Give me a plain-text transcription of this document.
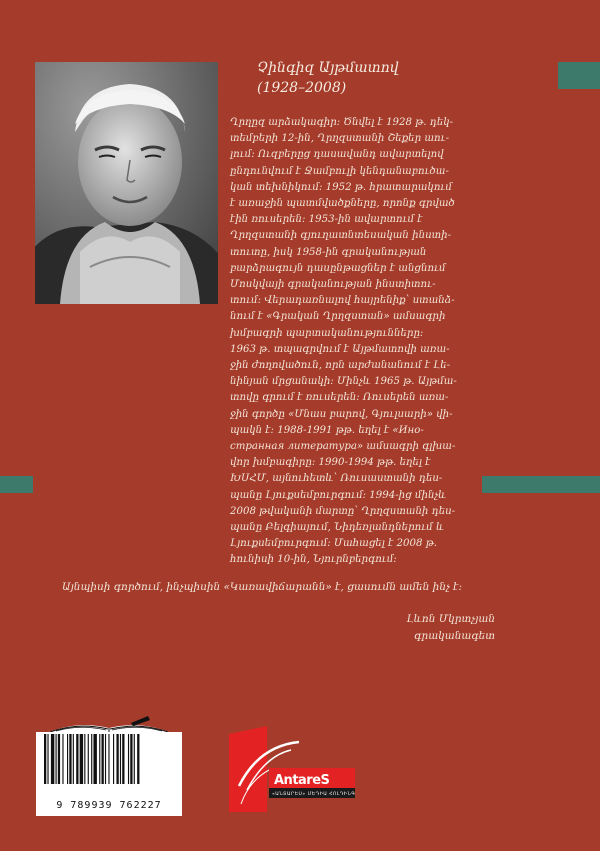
Չինգիզ Այթմատով
(1928–2008)
Ղրղըզ արձակագիր: Ծնվել է 1928 թ. դեկ-
տեմբերի 12-ին, Ղրղզստանի Շեքեր աու-
լում: Ուզբերըց դասավանդ ավարտելով
ընդունվում է Ջամբուլի կենդանաբուծա-
կան տեխնիկում: 1952 թ. հրատարակում
է առաջին պատմվածքները, որոնք գրված
էին ռուսերեն: 1953-ին ավարտում է
Ղրղզստանի գյուղատնտեսական ինստի-
տուտը, իսկ 1958-ին գրականության
բարձրագույն դասընթացներ է անցնում
Մոսկվայի գրականության ինստիտու-
տում: Վերադառնալով հայրենիք՝ ստանձ-
նում է «Գրական Ղրղզստան» ամսագրի
խմբագրի պարտականությունները:
1963 թ. տպագրվում է Այթմատովի առա-
ջին ժողովածուն, որն արժանանում է Լե-
նինյան մրցանակի: Մինչև 1965 թ. Այթմա-
տովը գրում է ռուսերեն: Ռուսերեն առա-
ջին գործը «Մնաս բարով, Գյուլսարի» վի-
պակն է: 1988-1991 թթ. եղել է «Ино-
странная литература» ամսագրի գլխա-
վոր խմբագիրը: 1990-1994 թթ. եղել է
ԽՍՀՄ, այնուհետև՝ Ռուսաստանի դես-
պանը Լյուքսեմբուրգում: 1994-ից մինչև
2008 թվականի մարտը՝ Ղրղզստանի դես-
պանը Բելգիայում, Նիդեռլանդներում և
Լյուքսեմբուրգում: Մահացել է 2008 թ.
հունիսի 10-ին, Նյուրնբերգում:

Այնպիսի գործում, ինչպիսին «Կառավիճարանն» է, ցասումն ամեն ինչ է:

Լևոն Մկրտչյան
գրականագետ
9 789939 762227
AntareS
«ԱՆՏԱՐԵՍ» ՄԵԴԻԱ ՀՈԼԴԻՆԳ
